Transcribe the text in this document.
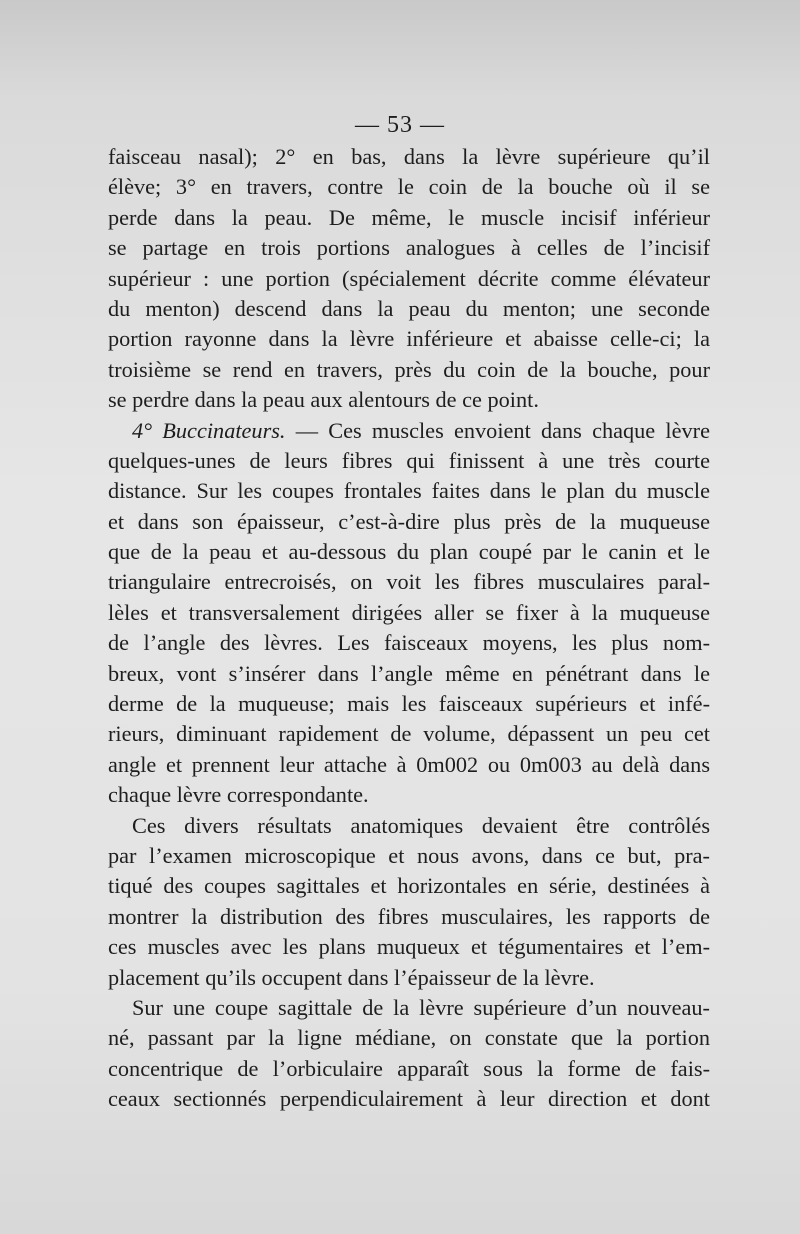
— 53 —
faisceau nasal); 2° en bas, dans la lèvre supérieure qu’il
élève; 3° en travers, contre le coin de la bouche où il se
perde dans la peau. De même, le muscle incisif inférieur
se partage en trois portions analogues à celles de l’incisif
supérieur : une portion (spécialement décrite comme élévateur
du menton) descend dans la peau du menton; une seconde
portion rayonne dans la lèvre inférieure et abaisse celle-ci; la
troisième se rend en travers, près du coin de la bouche, pour
se perdre dans la peau aux alentours de ce point.
4° Buccinateurs. — Ces muscles envoient dans chaque lèvre
quelques-unes de leurs fibres qui finissent à une très courte
distance. Sur les coupes frontales faites dans le plan du muscle
et dans son épaisseur, c’est-à-dire plus près de la muqueuse
que de la peau et au-dessous du plan coupé par le canin et le
triangulaire entrecroisés, on voit les fibres musculaires paral-
lèles et transversalement dirigées aller se fixer à la muqueuse
de l’angle des lèvres. Les faisceaux moyens, les plus nom-
breux, vont s’insérer dans l’angle même en pénétrant dans le
derme de la muqueuse; mais les faisceaux supérieurs et infé-
rieurs, diminuant rapidement de volume, dépassent un peu cet
angle et prennent leur attache à 0m002 ou 0m003 au delà dans
chaque lèvre correspondante.
Ces divers résultats anatomiques devaient être contrôlés
par l’examen microscopique et nous avons, dans ce but, pra-
tiqué des coupes sagittales et horizontales en série, destinées à
montrer la distribution des fibres musculaires, les rapports de
ces muscles avec les plans muqueux et tégumentaires et l’em-
placement qu’ils occupent dans l’épaisseur de la lèvre.
Sur une coupe sagittale de la lèvre supérieure d’un nouveau-
né, passant par la ligne médiane, on constate que la portion
concentrique de l’orbiculaire apparaît sous la forme de fais-
ceaux sectionnés perpendiculairement à leur direction et dont
